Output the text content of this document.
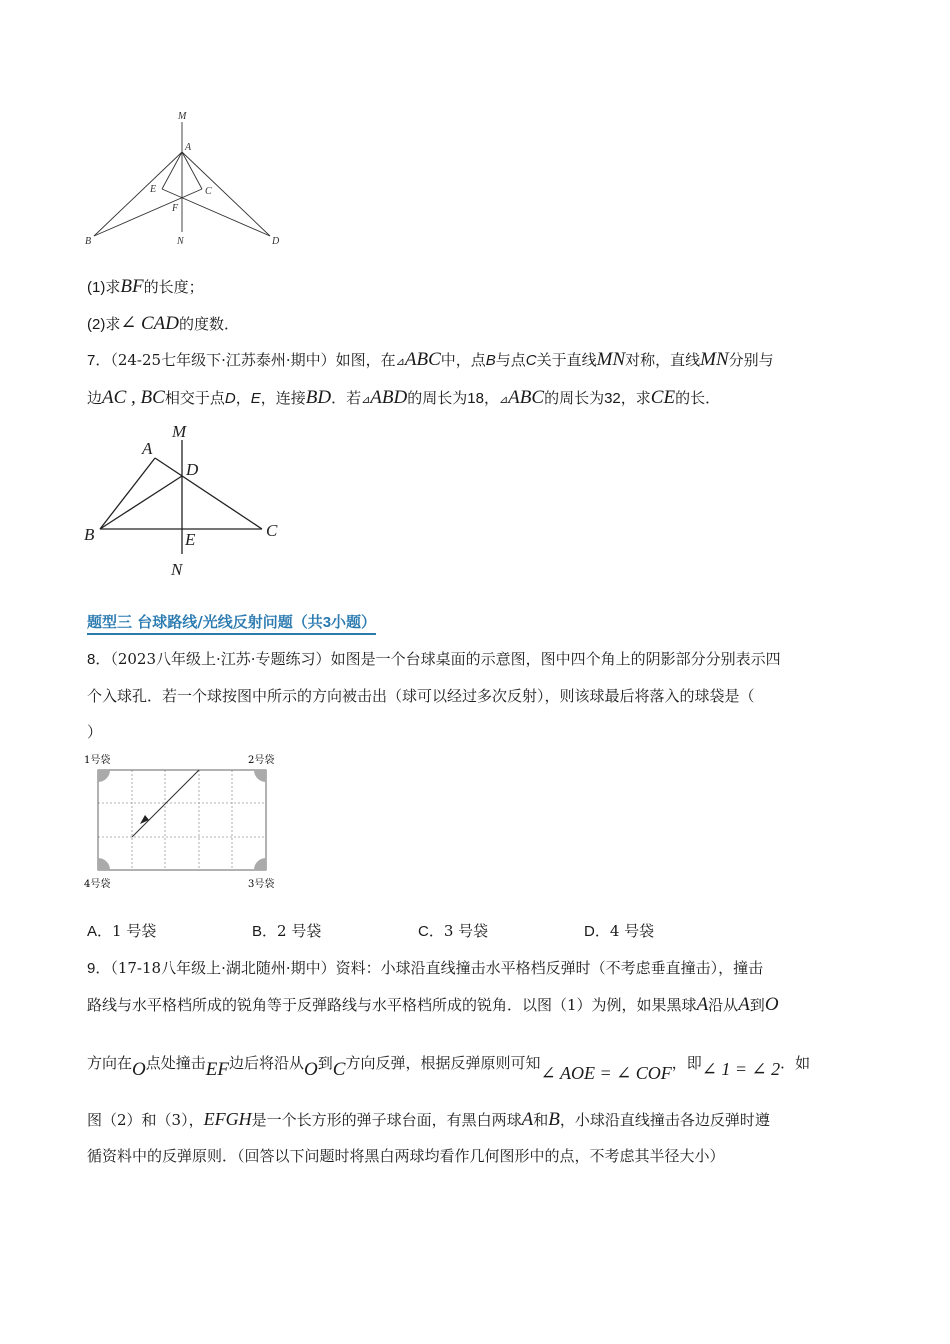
M
A
E	C
F
B	N	D
(1)求BF的长度；
(2)求∠ CAD的度数．
7．（24-25七年级下·江苏泰州·期中）如图，在⊿ABC中，点B与点C关于直线MN对称，直线MN分别与
边AC , BC相交于点D，E，连接BD．若⊿ABD的周长为18，⊿ABC的周长为32，求CE的长．
M
A
D
B	E	C
N
题型三 台球路线/光线反射问题（共3小题）
8．（2023八年级上·江苏·专题练习）如图是一个台球桌面的示意图，图中四个角上的阴影部分分别表示四
个入球孔．若一个球按图中所示的方向被击出（球可以经过多次反射），则该球最后将落入的球袋是（
）
1号袋	2号袋
3号袋
4号袋
A．1 号袋	B．2 号袋	C．3 号袋	D．4 号袋
9．（17-18八年级上·湖北随州·期中）资料：小球沿直线撞击水平格档反弹时（不考虑垂直撞击），撞击
路线与水平格档所成的锐角等于反弹路线与水平格档所成的锐角．以图（1）为例，如果黑球A沿从A到O
方向在O点处撞击EF边后将沿从O到C方向反弹，根据反弹原则可知∠ AOE = ∠ COF，即∠ 1 = ∠ 2．如
图（2）和（3），EFGH是一个长方形的弹子球台面，有黑白两球A和B，小球沿直线撞击各边反弹时遵
循资料中的反弹原则．（回答以下问题时将黑白两球均看作几何图形中的点，不考虑其半径大小）
